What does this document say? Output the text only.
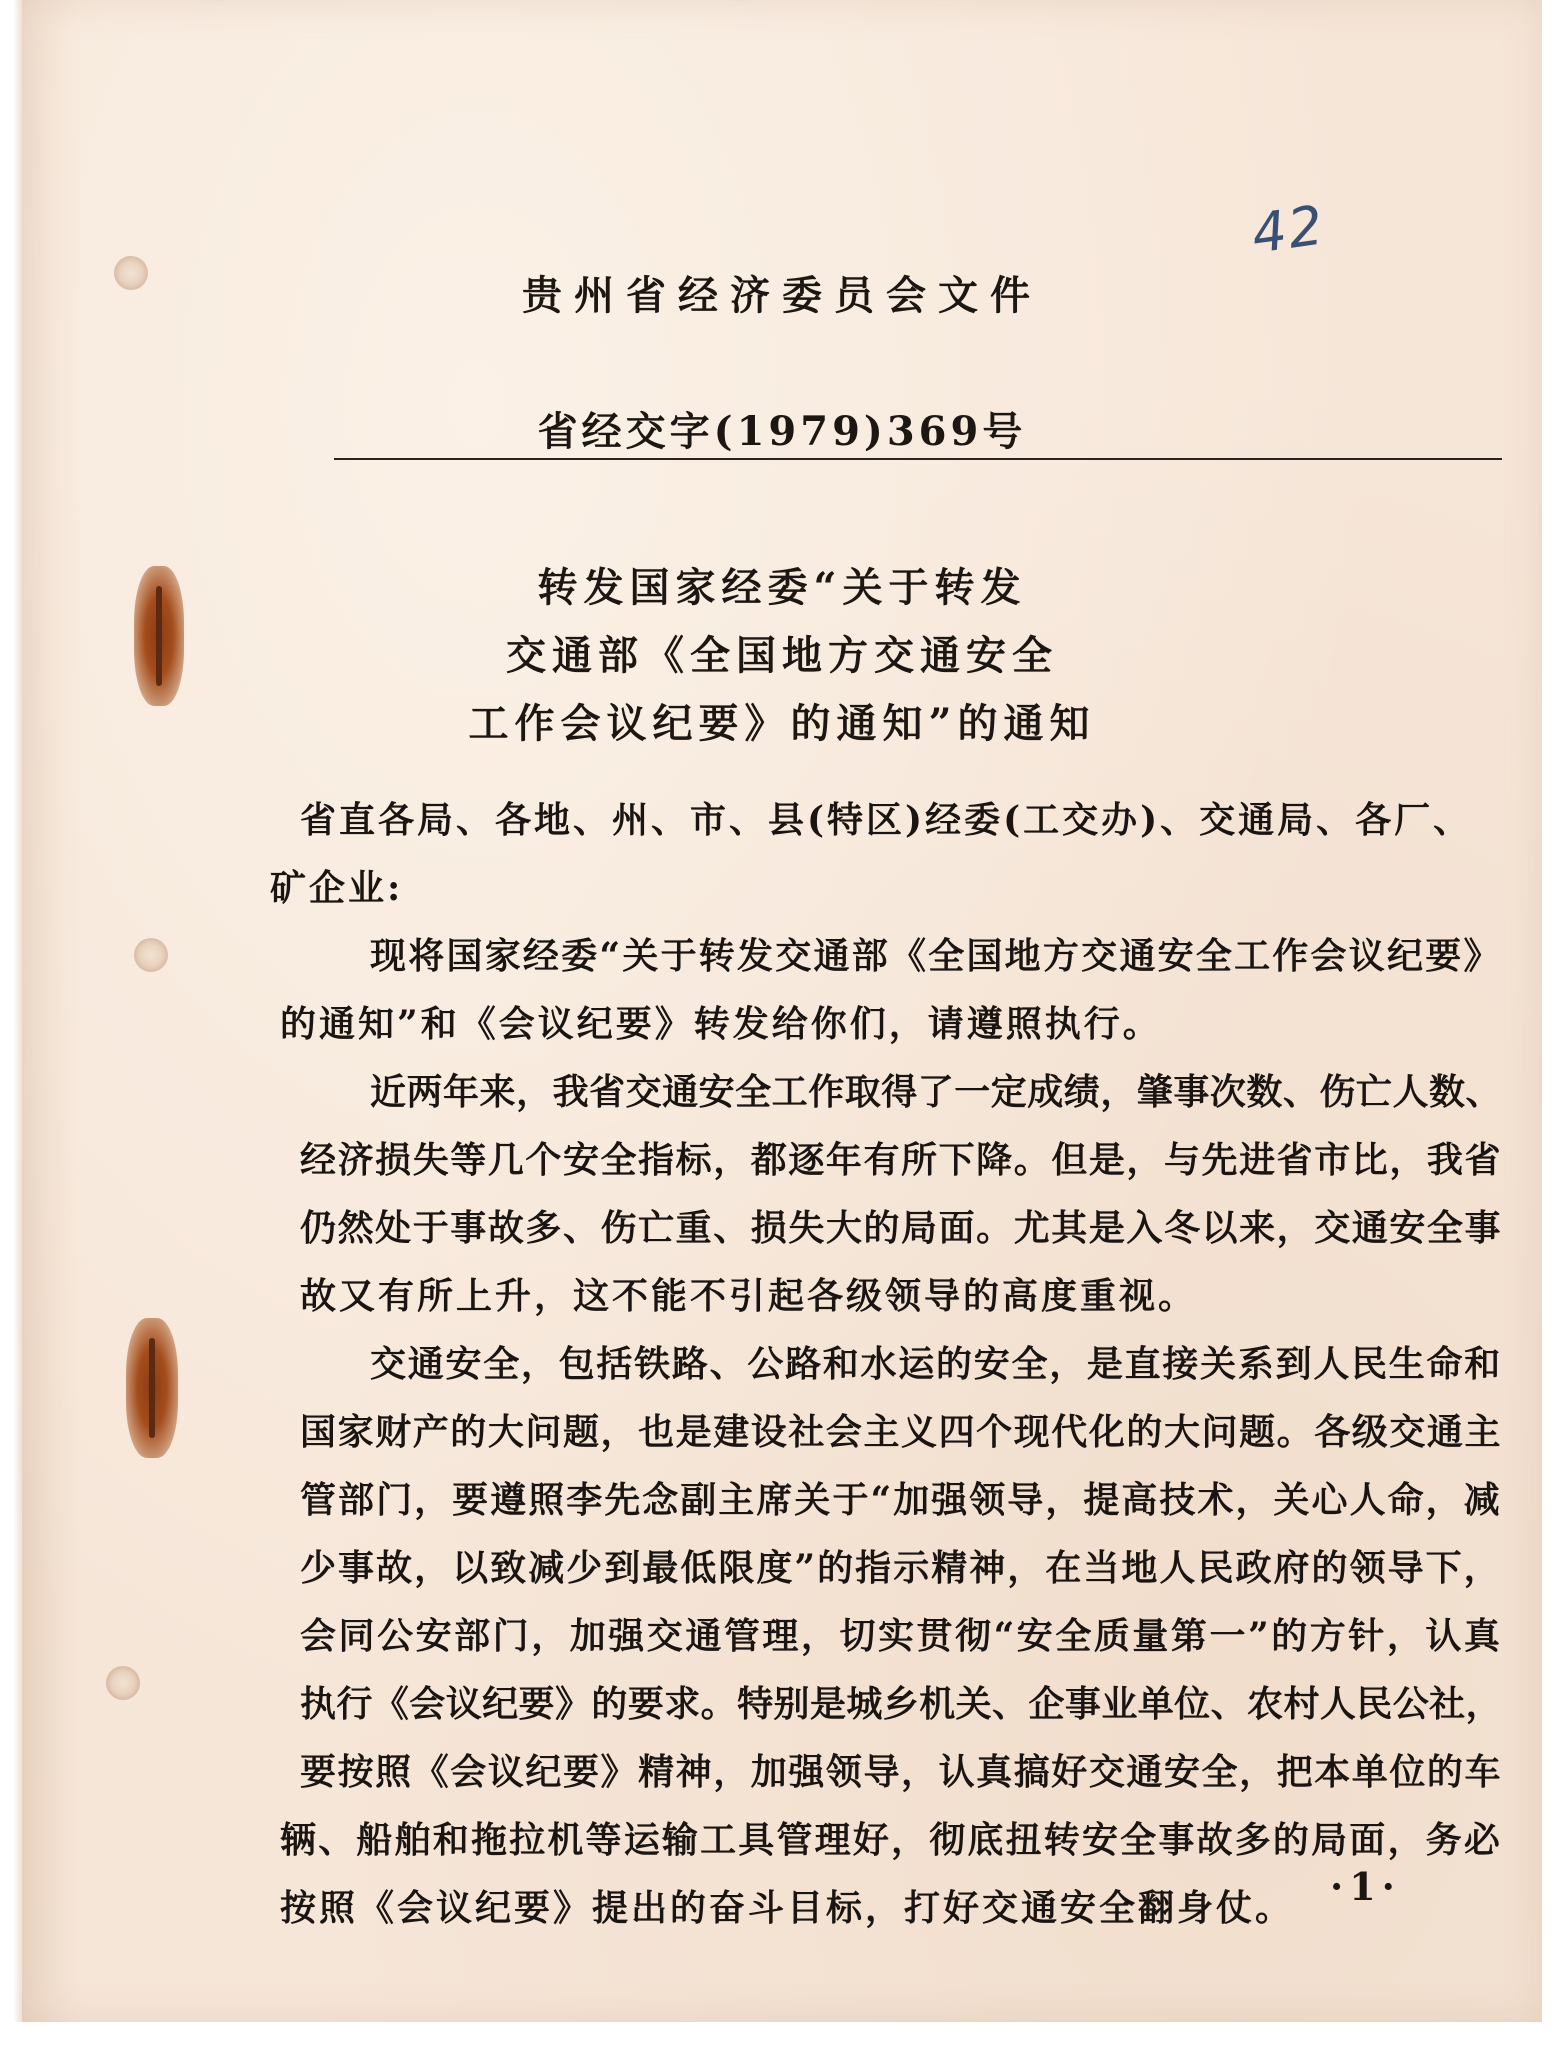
42
贵州省经济委员会文件
省经交字(1979)369号
转发国家经委“关于转发
交通部《全国地方交通安全
工作会议纪要》的通知”的通知
省直各局、各地、州、市、县(特区)经委(工交办)、交通局、各厂、
矿企业:
现将国家经委“关于转发交通部《全国地方交通安全工作会议纪要》
的通知”和《会议纪要》转发给你们，请遵照执行。
近两年来，我省交通安全工作取得了一定成绩，肇事次数、伤亡人数、
经济损失等几个安全指标，都逐年有所下降。但是，与先进省市比，我省
仍然处于事故多、伤亡重、损失大的局面。尤其是入冬以来，交通安全事
故又有所上升，这不能不引起各级领导的高度重视。
交通安全，包括铁路、公路和水运的安全，是直接关系到人民生命和
国家财产的大问题，也是建设社会主义四个现代化的大问题。各级交通主
管部门，要遵照李先念副主席关于“加强领导，提高技术，关心人命，减
少事故，以致减少到最低限度”的指示精神，在当地人民政府的领导下，
会同公安部门，加强交通管理，切实贯彻“安全质量第一”的方针，认真
执行《会议纪要》的要求。特别是城乡机关、企事业单位、农村人民公社，
要按照《会议纪要》精神，加强领导，认真搞好交通安全，把本单位的车
辆、船舶和拖拉机等运输工具管理好，彻底扭转安全事故多的局面，务必
按照《会议纪要》提出的奋斗目标，打好交通安全翻身仗。 ·1·
